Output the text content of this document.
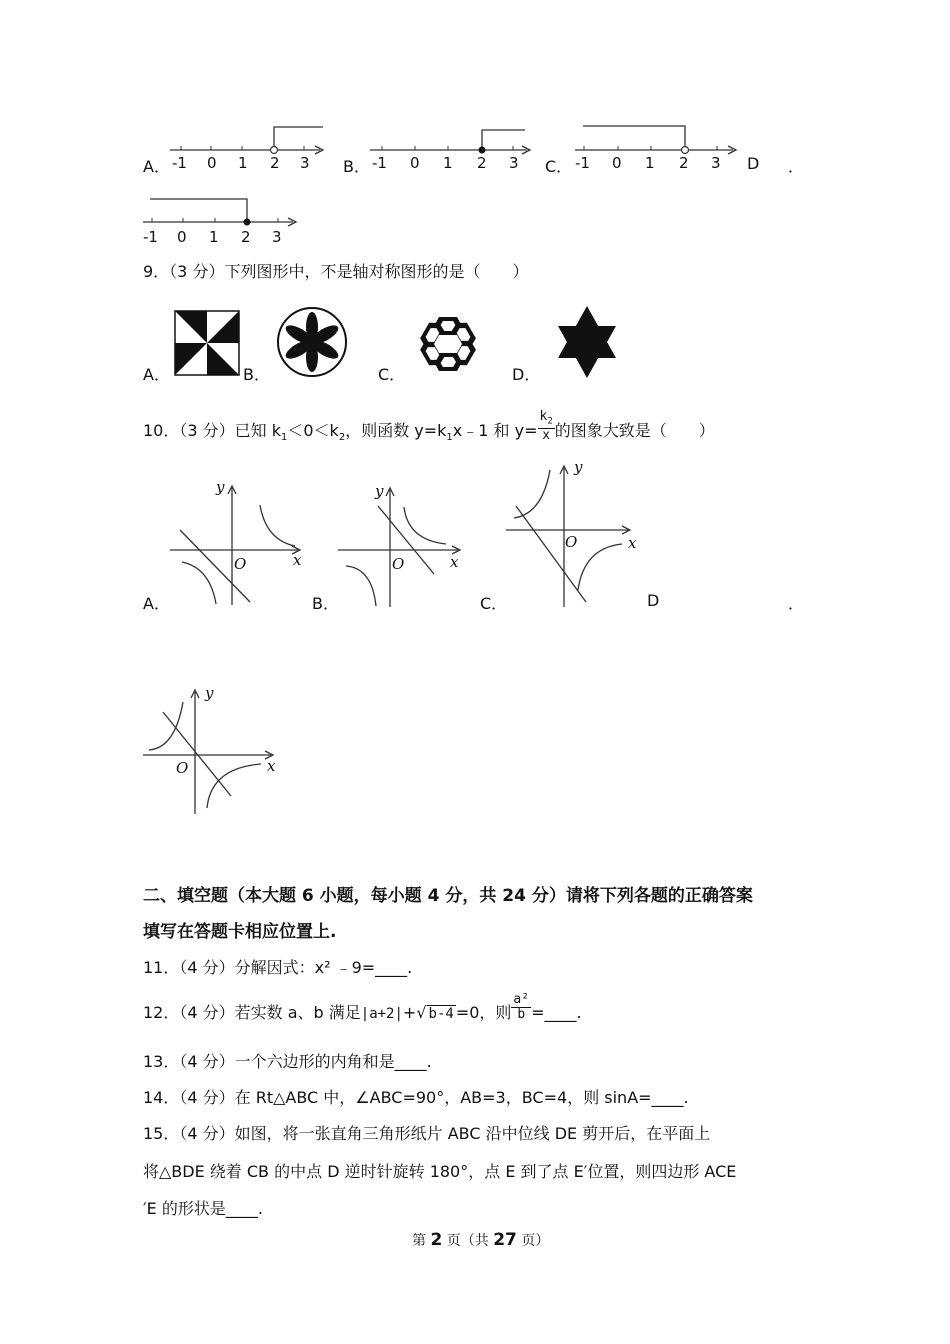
A． -1 0 1 2 3 B． -1 0 1 2 3 C． -1 0 1 2 3 D ．
-1 0 1 2 3
9．（3 分）下列图形中，不是轴对称图形的是（　　）
A．	B．	C．	D．
10．（3 分）已知 $k_1<0<k_2$，则函数 $y=k_1x﹣1$ 和 $y= \frac{k_2}{x}$ 的图象大致是（　　）
y
x
O
A．
y
x
O
B．
y
x
O
C．	D	．
y
x
O
二、填空题（本大题 6 小题，每小题 4 分，共 24 分）请将下列各题的正确答案
填写在答题卡相应位置上.
11．（4 分）分解因式：x² ﹣9=____.
12．（4 分）若实数 a、b 满足|a+2|+√ b-4 =0，则 $\frac{\text{a²}}{b}$ =____.
13．（4 分）一个六边形的内角和是____.
14．（4 分）在 Rt△ABC 中，∠ABC=90°，AB=3，BC=4，则 sinA=____.
15．（4 分）如图，将一张直角三角形纸片 ABC 沿中位线 DE 剪开后，在平面上
将△BDE 绕着 CB 的中点 D 逆时针旋转 180°，点 E 到了点 E′位置，则四边形 ACE
′E 的形状是____.
第 2 页（共 27 页）
